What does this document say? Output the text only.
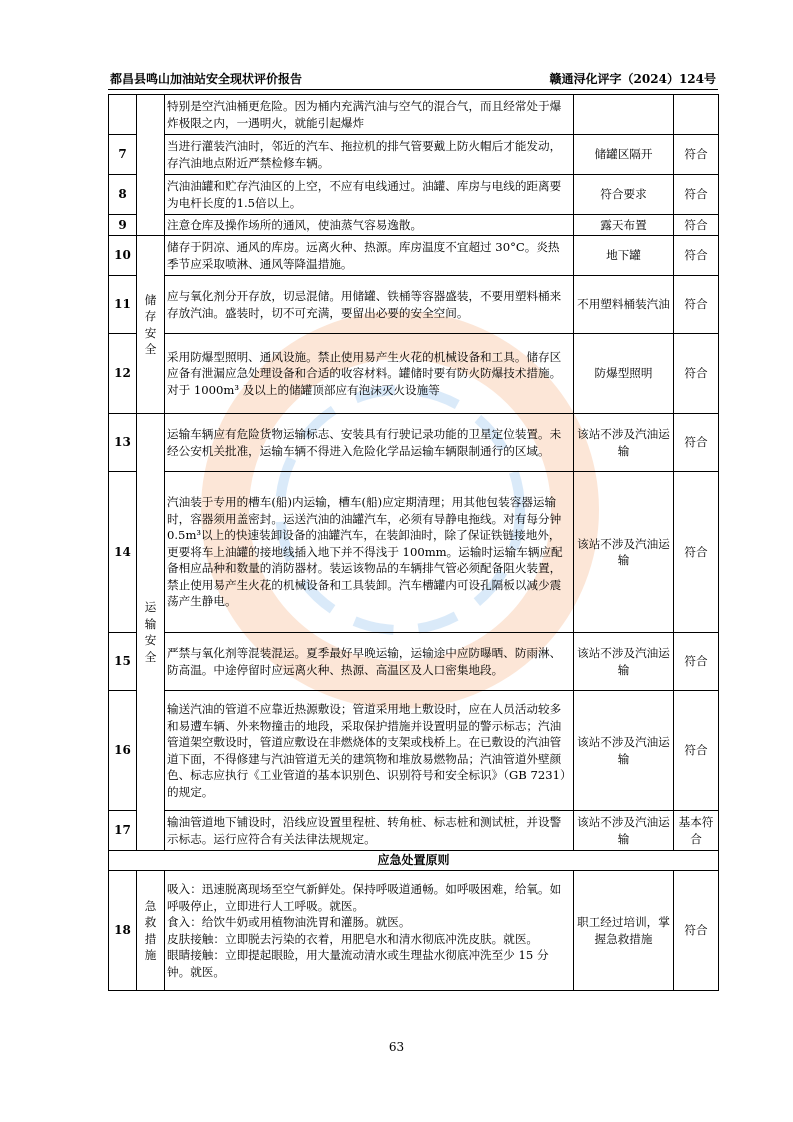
都昌县鸣山加油站安全现状评价报告	赣通浔化评字（2024）124号
		特别是空汽油桶更危险。因为桶内充满汽油与空气的混合气，而且经常处于爆炸极限之内，一遇明火，就能引起爆炸		
7		当进行灌装汽油时，邻近的汽车、拖拉机的排气管要戴上防火帽后才能发动，存汽油地点附近严禁检修车辆。	储罐区隔开	符合
8		汽油油罐和贮存汽油区的上空，不应有电线通过。油罐、库房与电线的距离要为电杆长度的1.5倍以上。	符合要求	符合
9		注意仓库及操作场所的通风，使油蒸气容易逸散。	露天布置	符合
10	储存安全	储存于阴凉、通风的库房。远离火种、热源。库房温度不宜超过 30°C。炎热季节应采取喷淋、通风等降温措施。	地下罐	符合
11		应与氧化剂分开存放，切忌混储。用储罐、铁桶等容器盛装，不要用塑料桶来存放汽油。盛装时，切不可充满，要留出必要的安全空间。	不用塑料桶装汽油	符合
12		采用防爆型照明、通风设施。禁止使用易产生火花的机械设备和工具。储存区应备有泄漏应急处理设备和合适的收容材料。罐储时要有防火防爆技术措施。对于 1000m³ 及以上的储罐顶部应有泡沫灭火设施等	防爆型照明	符合
13	运输安全	运输车辆应有危险货物运输标志、安装具有行驶记录功能的卫星定位装置。未经公安机关批准，运输车辆不得进入危险化学品运输车辆限制通行的区域。	该站不涉及汽油运输	符合
14		汽油装于专用的槽车(船)内运输，槽车(船)应定期清理；用其他包装容器运输时，容器须用盖密封。运送汽油的油罐汽车，必须有导静电拖线。对有每分钟 0.5m³以上的快速装卸设备的油罐汽车，在装卸油时，除了保证铁链接地外，更要将车上油罐的接地线插入地下并不得浅于 100mm。运输时运输车辆应配备相应品种和数量的消防器材。装运该物品的车辆排气管必须配备阻火装置，禁止使用易产生火花的机械设备和工具装卸。汽车槽罐内可设孔隔板以减少震荡产生静电。	该站不涉及汽油运输	符合
15		严禁与氧化剂等混装混运。夏季最好早晚运输，运输途中应防曝晒、防雨淋、防高温。中途停留时应远离火种、热源、高温区及人口密集地段。	该站不涉及汽油运输	符合
16		输送汽油的管道不应靠近热源敷设；管道采用地上敷设时，应在人员活动较多和易遭车辆、外来物撞击的地段，采取保护措施并设置明显的警示标志；汽油管道架空敷设时，管道应敷设在非燃烧体的支架或栈桥上。在已敷设的汽油管道下面，不得修建与汽油管道无关的建筑物和堆放易燃物品；汽油管道外壁颜色、标志应执行《工业管道的基本识别色、识别符号和安全标识》（GB 7231）的规定。	该站不涉及汽油运输	符合
17		输油管道地下铺设时，沿线应设置里程桩、转角桩、标志桩和测试桩，并设警示标志。运行应符合有关法律法规规定。	该站不涉及汽油运输	基本符合
应急处置原则				
18	急救措施	吸入：迅速脱离现场至空气新鲜处。保持呼吸道通畅。如呼吸困难，给氧。如呼吸停止，立即进行人工呼吸。就医。
食入：给饮牛奶或用植物油洗胃和灌肠。就医。
皮肤接触：立即脱去污染的衣着，用肥皂水和清水彻底冲洗皮肤。就医。
眼睛接触：立即提起眼睑，用大量流动清水或生理盐水彻底冲洗至少 15 分钟。就医。	职工经过培训，掌握急救措施	符合
63
